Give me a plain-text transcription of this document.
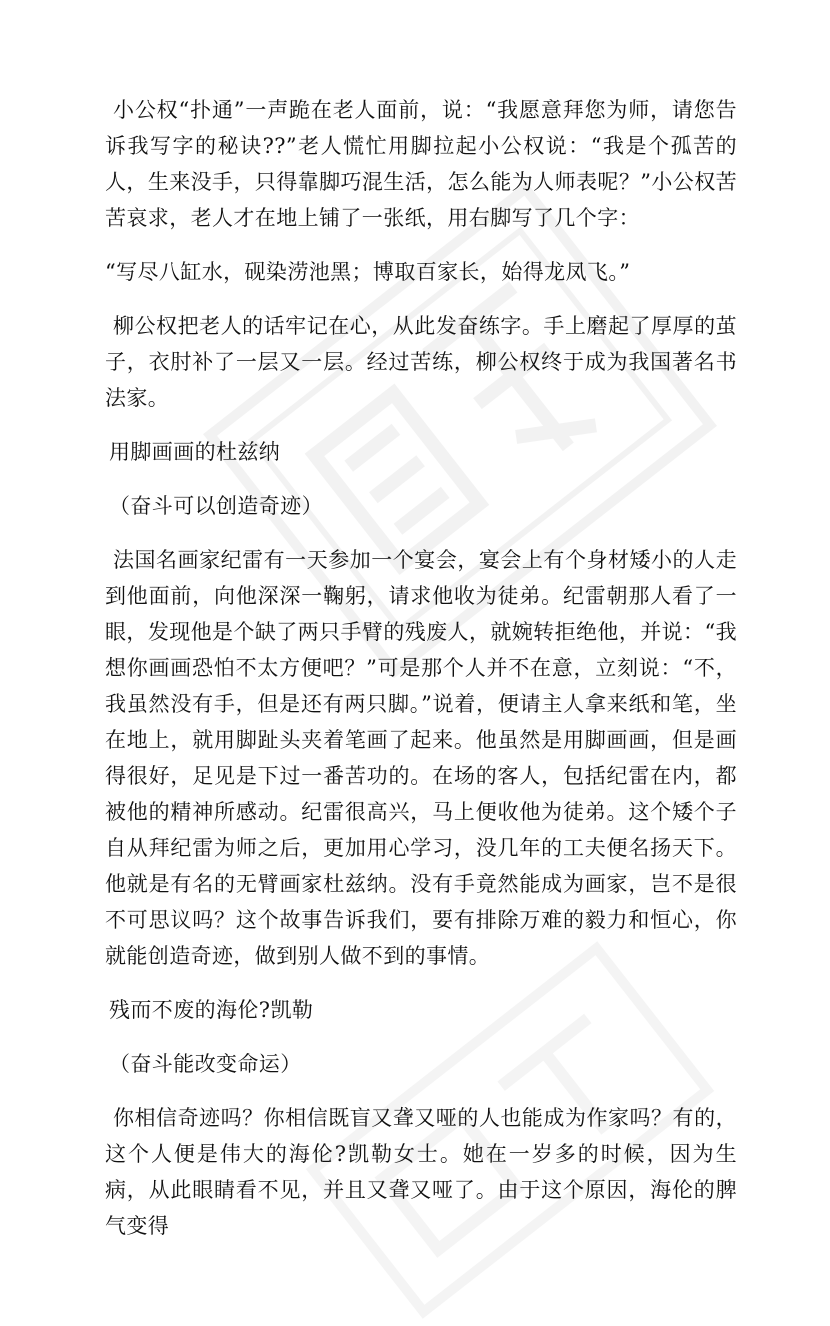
小公权“扑通”一声跪在老人面前，说：“我愿意拜您为师，请您告诉我写字的秘诀??”老人慌忙用脚拉起小公权说：“我是个孤苦的人，生来没手，只得靠脚巧混生活，怎么能为人师表呢？”小公权苦苦哀求，老人才在地上铺了一张纸，用右脚写了几个字：

“写尽八缸水，砚染涝池黑；博取百家长，始得龙凤飞。”

柳公权把老人的话牢记在心，从此发奋练字。手上磨起了厚厚的茧子，衣肘补了一层又一层。经过苦练，柳公权终于成为我国著名书法家。

用脚画画的杜兹纳

（奋斗可以创造奇迹）

法国名画家纪雷有一天参加一个宴会，宴会上有个身材矮小的人走到他面前，向他深深一鞠躬，请求他收为徒弟。纪雷朝那人看了一眼，发现他是个缺了两只手臂的残废人，就婉转拒绝他，并说：“我想你画画恐怕不太方便吧？”可是那个人并不在意，立刻说：“不，我虽然没有手，但是还有两只脚。”说着，便请主人拿来纸和笔，坐在地上，就用脚趾头夹着笔画了起来。他虽然是用脚画画，但是画得很好，足见是下过一番苦功的。在场的客人，包括纪雷在内，都被他的精神所感动。纪雷很高兴，马上便收他为徒弟。这个矮个子自从拜纪雷为师之后，更加用心学习，没几年的工夫便名扬天下。他就是有名的无臂画家杜兹纳。没有手竟然能成为画家，岂不是很不可思议吗？这个故事告诉我们，要有排除万难的毅力和恒心，你就能创造奇迹，做到别人做不到的事情。

残而不废的海伦?凯勒

（奋斗能改变命运）

你相信奇迹吗？你相信既盲又聋又哑的人也能成为作家吗？有的，这个人便是伟大的海伦?凯勒女士。她在一岁多的时候，因为生病，从此眼睛看不见，并且又聋又哑了。由于这个原因，海伦的脾气变得
